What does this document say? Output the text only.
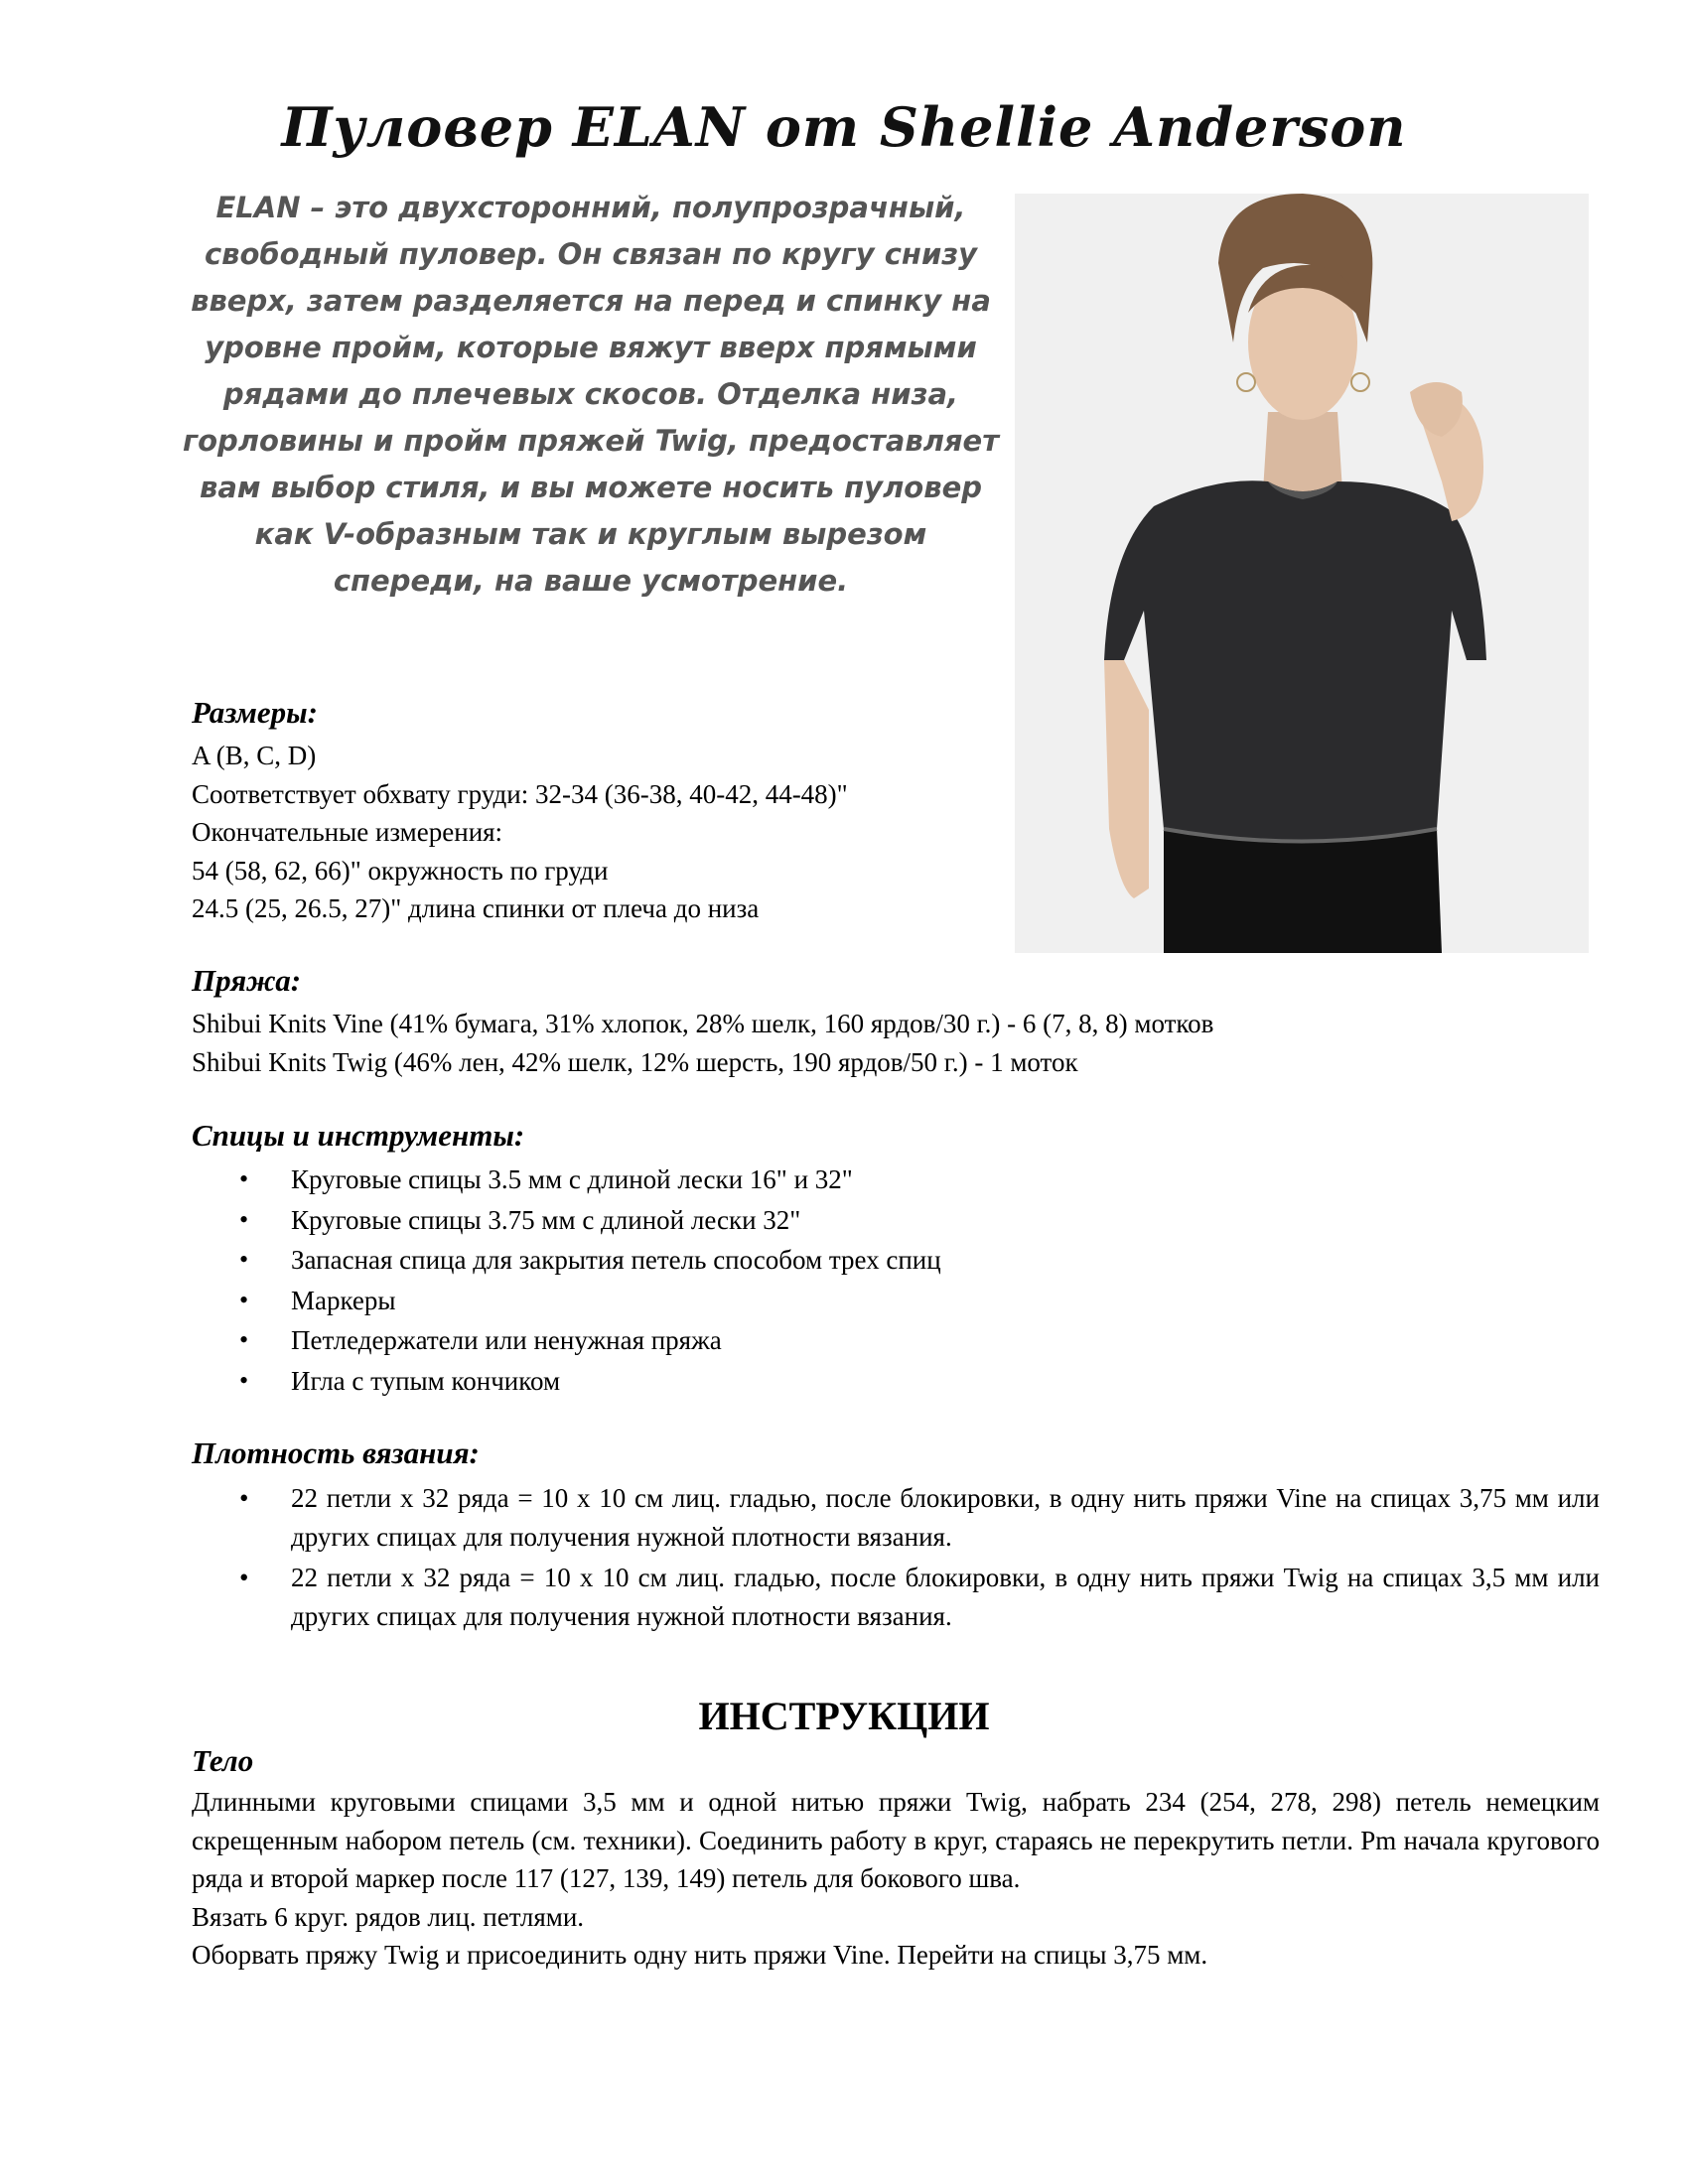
Пуловер ELAN от Shellie Anderson
ELAN – это двухсторонний, полупрозрачный, свободный пуловер. Он связан по кругу снизу вверх, затем разделяется на перед и спинку на уровне пройм, которые вяжут вверх прямыми рядами до плечевых скосов. Отделка низа, горловины и пройм пряжей Twig, предоставляет вам выбор стиля, и вы можете носить пуловер как V-образным так и круглым вырезом спереди, на ваше усмотрение.
Размеры:
A (B, C, D)
Соответствует обхвату груди: 32-34 (36-38, 40-42, 44-48)"
Окончательные измерения:
54 (58, 62, 66)" окружность по груди
24.5 (25, 26.5, 27)" длина спинки от плеча до низа
Пряжа:
Shibui Knits Vine (41% бумага, 31% хлопок, 28% шелк, 160 ярдов/30 г.) - 6 (7, 8, 8) мотков
Shibui Knits Twig (46% лен, 42% шелк, 12% шерсть, 190 ярдов/50 г.) - 1 моток
Спицы и инструменты:
• Круговые спицы 3.5 мм с длиной лески 16" и 32"
• Круговые спицы 3.75 мм с длиной лески 32"
• Запасная спица для закрытия петель способом трех спиц
• Маркеры
• Петледержатели или ненужная пряжа
• Игла с тупым кончиком
Плотность вязания:
• 22 петли х 32 ряда = 10 х 10 см лиц. гладью, после блокировки, в одну нить пряжи Vine на спицах 3,75 мм или других спицах для получения нужной плотности вязания.
• 22 петли х 32 ряда = 10 х 10 см лиц. гладью, после блокировки, в одну нить пряжи Twig на спицах 3,5 мм или других спицах для получения нужной плотности вязания.
ИНСТРУКЦИИ
Тело

Длинными круговыми спицами 3,5 мм и одной нитью пряжи Twig, набрать 234 (254, 278, 298) петель немецким скрещенным набором петель (см. техники). Соединить работу в круг, стараясь не перекрутить петли. Pm начала кругового ряда и второй маркер после 117 (127, 139, 149) петель для бокового шва.

Вязать 6 круг. рядов лиц. петлями.

Оборвать пряжу Twig и присоединить одну нить пряжи Vine. Перейти на спицы 3,75 мм.
